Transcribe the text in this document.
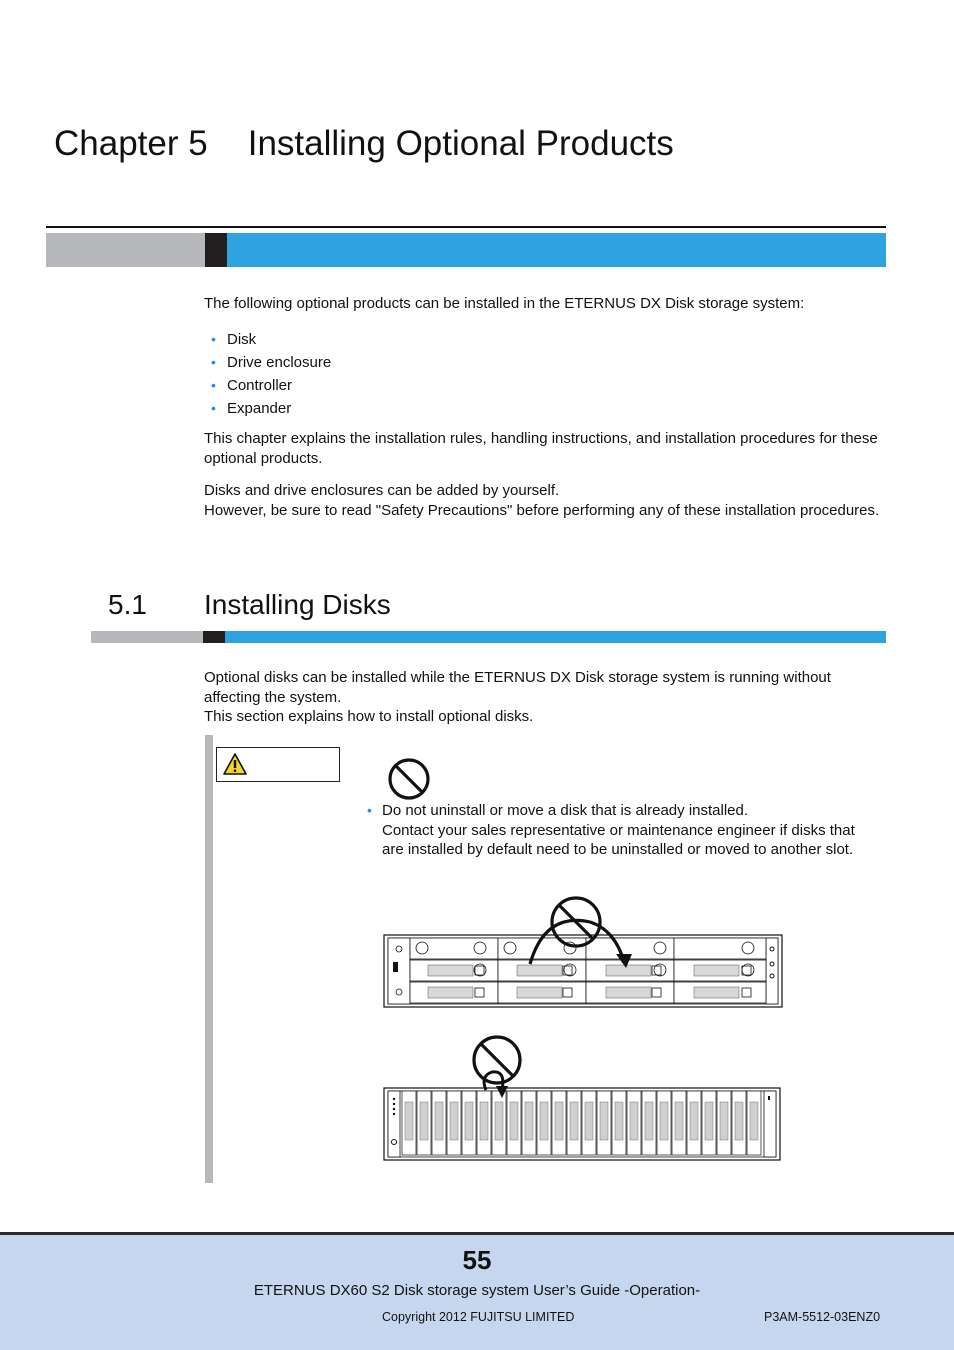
Chapter 5 Installing Optional Products
The following optional products can be installed in the ETERNUS DX Disk storage system:
• Disk
• Drive enclosure
• Controller
• Expander
This chapter explains the installation rules, handling instructions, and installation procedures for these optional products.
Disks and drive enclosures can be added by yourself.
However, be sure to read "Safety Precautions" before performing any of these installation procedures.
5.1 Installing Disks
Optional disks can be installed while the ETERNUS DX Disk storage system is running without affecting the system.
This section explains how to install optional disks.
• Do not uninstall or move a disk that is already installed.
Contact your sales representative or maintenance engineer if disks that are installed by default need to be uninstalled or moved to another slot.
55
ETERNUS DX60 S2 Disk storage system User’s Guide -Operation-
Copyright 2012 FUJITSU LIMITED	P3AM-5512-03ENZ0
